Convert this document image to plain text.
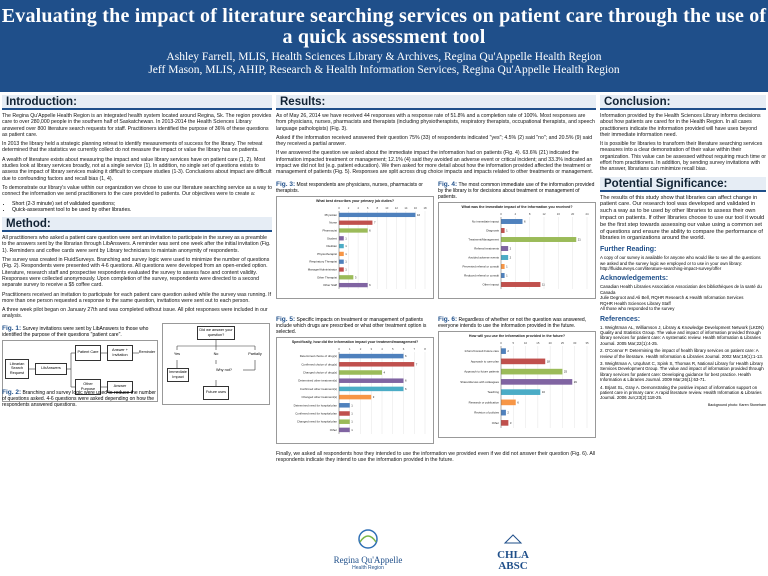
Evaluating the impact of literature searching services on patient care through the use of a quick assessment tool
Ashley Farrell, MLIS, Health Sciences Library & Archives, Regina Qu'Appelle Health Region
Jeff Mason, MLIS, AHIP, Research & Health Information Services, Regina Qu'Appelle Health Region
Introduction:

The Regina Qu'Appelle Health Region is an integrated health system located around Regina, Sk. The region provides care to over 280,000 people in the southern half of Saskatchewan. In 2013-2014 the Health Sciences Library answered over 800 literature search requests for staff. Practitioners identified the purpose of 36% of these questions as patient care.

In 2013 the library held a strategic planning retreat to identify measurements of success for the library. The retreat determined that the statistics we currently collect do not measure the impact or value the library has on patients.

A wealth of literature exists about measuring the impact and value library services have on patient care (1, 2). Most studies look at library services broadly, not at a single service (1). In addition, no single set of questions exists to assess the impact of library services making it difficult to compare studies (1-3). Conclusions about impact are difficult due to confounding factors and recall bias (1, 4).

To demonstrate our library's value within our organization we chose to use our literature searching service as a way to connect the information we send practitioners to the care provided to patients. Our objectives were to create a:

• Short (2-3 minute) set of validated questions;
• Quick-assessment tool to be used by other libraries.
Method:

All practitioners who asked a patient care question were sent an invitation to participate in the survey as a preamble to the answers sent by the librarian through LibAnswers. A reminder was sent one week after the initial invitation (Fig. 1). Reminders and coffee cards were sent by Library technicians to maintain anonymity of respondents.

The survey was created in FluidSurveys. Branching and survey logic were used to minimize the number of questions (Fig. 2). Respondents were presented with 4-6 questions. All questions were developed from an open-ended option. Literature, research staff and prospective respondents evaluated the survey to assess face and content validity. Responses were collected anonymously. Upon completion of the survey, respondents were directed to a second separate survey to receive a $5 coffee card.

Practitioners received an invitation to participate for each patient care question asked while the survey was running. If more than one person requested a response to the same question, invitations were sent out to each person.

A three week pilot began on January 27th and was completed without issue. All pilot responses were included in our analysis.

Fig. 1: Survey invitations were sent by LibAnswers to those who identified the purpose of their questions "patient care".
Librarian Search Request
LibAnswers
Patient Care
Answer + Invitation
Reminder
Other Purpose
Answer
Did we answer your question?
Yes	No	Partially
Immediate Impact
Why not?
Future uses
Fig. 2: Branching and survey logic were used to reduce the number of questions asked. 4-6 questions were asked depending on how the respondents answered questions.
Results:

As of May 26, 2014 we have received 44 responses with a response rate of 51.8% and a completion rate of 100%. Most responses are from physicians, nurses, pharmacists and therapists (including physiotherapists, respiratory therapists, occupational therapists, and speech language pathologists) (Fig. 3).

Asked if the information received answered their question 75% (33) of respondents indicated "yes"; 4.5% (2) said "no"; and 20.5% (9) said they received a partial answer.

If we answered the question we asked about the immediate impact the information had on patients (Fig. 4). 63.6% (21) indicated the information impacted treatment or management; 12.1% (4) said they avoided an adverse event or critical incident; and 33.3% indicated an impact we did not list (e.g. patient education). We then asked for more detail about how the information provided affected the treatment or management of patients (Fig. 5). Responses are split across drug choice impacts and impacts related to other treatments or management.

Fig. 3: Most respondents are physicians, nurses, pharmacists or therapists.
What best describes your primary job duties?
0	2	4	6	8	10 12 14 16 18
Physician	16
Nurse	7
Pharmacist	6
Student	1
Dietitian	1
Physiotherapist	1
Respiratory Therapist	1
Manager/Administrator	1
Other Therapist	3
Other Staff	6
Fig. 4: The most common immediate use of the information provided by the library is for decisions about treatment or management of patients.
What was the immediate impact of the information you received?
0	4	8	12	16	20	24
No immediate impact	6
Diagnosis	1
Treatment/Management	21
Referral treatments	2
Avoided adverse events	2
Prevented referral or consult	1
Reduced referral or consult	1
Other impact	11
Fig. 5: Specific impacts on treatment or management of patients include which drugs are prescribed or what other treatment option is selected.
Specifically, how did the information impact your treatment/management?
0	1	2	3	4	5	6	7	8
Determined choice of drug(s)	6
Confirmed choice of drug(s)	7
Changed choice of drug(s)	4
Determined other treatment(s)	6
Confirmed other treatment(s)	6
Changed other treatment(s)	3
Determined need for hospital plan	1
Confirmed need for hospital plan	1
Changed need for hospital plan	1
Other	1
Fig. 6: Regardless of whether or not the question was answered, everyone intends to use the information provided in the future.
How will you use the information provided in the future?
0	5	10	15	20	25	30	35
Inform/Consult Future care	2
Approach to care plan	18
Approach to future patients	25
Share/discuss with colleagues	29
Teaching	16
Research or publication	6
Revision of policies	2
Other	3

Finally, we asked all respondents how they intended to use the information we provided even if we did not answer their question (Fig. 6). All respondents indicate they intend to use the information provided in the future.

Conclusion:

Information provided by the Health Sciences Library informs decisions about how patients are cared for in the Health Region. In all cases practitioners indicate the information provided will have uses beyond their immediate information need.

It is possible for libraries to transform their literature searching services measures into a clear demonstration of their value within their organization. This value can be assessed without requiring much time or effort from practitioners. In addition, by sending survey invitations with the answer, librarians can minimize recall bias.

Potential Significance:

The results of this study show that libraries can affect change in patient care. Our research tool was developed and validated in such a way as to be used by other libraries to assess their own impact on patients. If other libraries choose to use our tool it would be the first step towards assessing our value using a common set of questions and ensure the ability to compare the performance of libraries in organizations around the world.

Further Reading:

A copy of our survey is available for anyone who would like to see all the questions we asked and the survey logic we employed or to use in your own library: http://fluidsurveys.com/literature-searching-impact-survey/offer

Acknowledgements:

Canadian Health Libraries Association Association des bibliothèques de la santé du Canada
Julie Degroot and Ali Bell, RQHR Research & Health Information Services
RQHR Health Sciences Library Staff
All those who responded to the survey

References:

1. Weightman AL, Williamson J, Library & Knowledge Development Network (LKDN) Quality and Statistics Group. The value and impact of information provided through library services for patient care: A systematic review. Health Information & Libraries Journal. 2005 Mar;22(1):4-25.

2. O'Connor P. Determining the impact of health library services on patient care: A review of the literature. Health Information & Libraries Journal. 2002 Mar;19(1):1-13.

3. Weightman A, Urquhart C, Spink S, Thomas R, National Library for Health Library Services Development Group. The value and impact of information provided through library services for patient care: Developing guidance for best practice. Health Information & Libraries Journal. 2009 Mar;26(1):63-71.

4. Brjant SL, Gray A. Demonstrating the positive impact of information support on patient care in primary care: A rapid literature review. Health Information & Libraries Journal. 2006 Jun;23(2):118-25.

Background photo: Karen Stoneham

Regina Qu'Appelle
Health Region
CHLA
ABSC
